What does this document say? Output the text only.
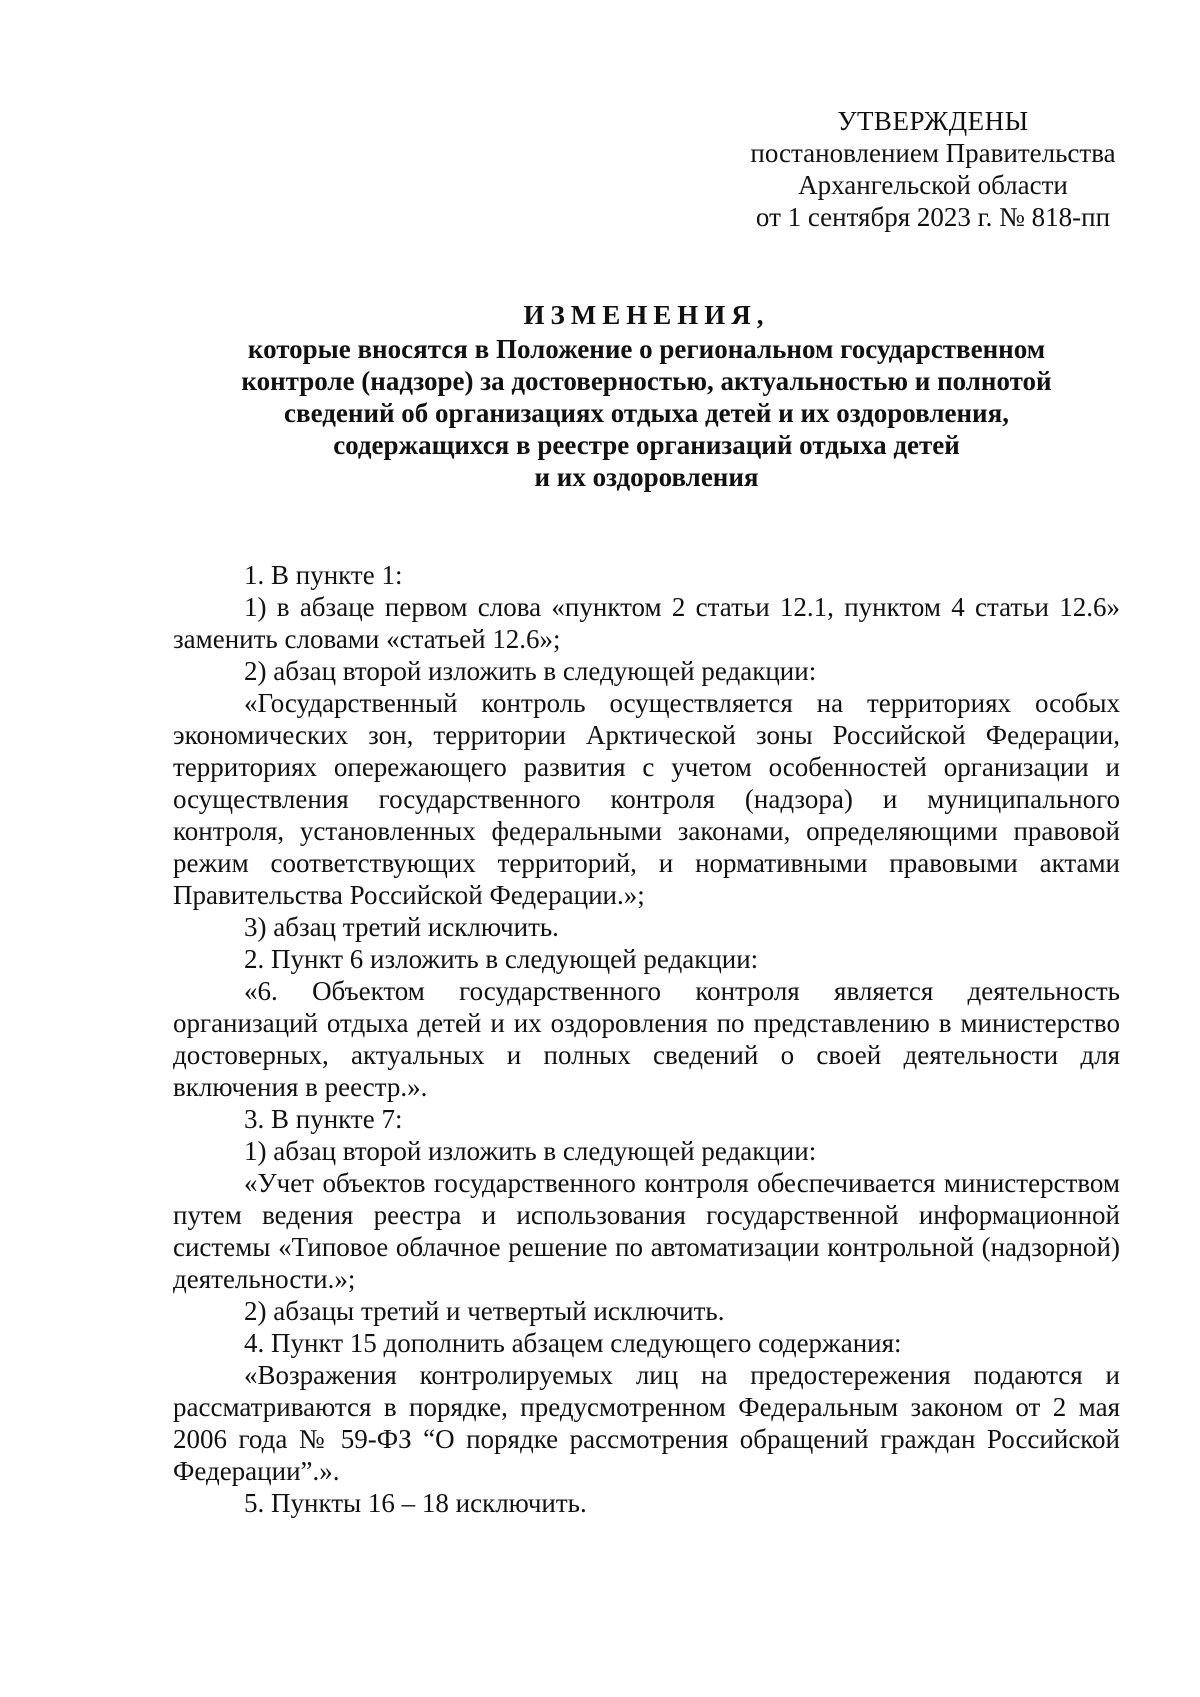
УТВЕРЖДЕНЫ
постановлением Правительства
Архангельской области
от 1 сентября 2023 г. № 818-пп
ИЗМЕНЕНИЯ,
которые вносятся в Положение о региональном государственном
контроле (надзоре) за достоверностью, актуальностью и полнотой
сведений об организациях отдыха детей и их оздоровления,
содержащихся в реестре организаций отдыха детей
и их оздоровления

1. В пункте 1:

1) в абзаце первом слова «пунктом 2 статьи 12.1, пунктом 4 статьи 12.6» заменить словами «статьей 12.6»;

2) абзац второй изложить в следующей редакции:

«Государственный контроль осуществляется на территориях особых экономических зон, территории Арктической зоны Российской Федерации, территориях опережающего развития с учетом особенностей организации и осуществления государственного контроля (надзора) и муниципального контроля, установленных федеральными законами, определяющими правовой режим соответствующих территорий, и нормативными правовыми актами Правительства Российской Федерации.»;

3) абзац третий исключить.

2. Пункт 6 изложить в следующей редакции:

«6. Объектом государственного контроля является деятельность организаций отдыха детей и их оздоровления по представлению в министерство достоверных, актуальных и полных сведений о своей деятельности для включения в реестр.».

3. В пункте 7:

1) абзац второй изложить в следующей редакции:

«Учет объектов государственного контроля обеспечивается министерством путем ведения реестра и использования государственной информационной системы «Типовое облачное решение по автоматизации контрольной (надзорной) деятельности.»;

2) абзацы третий и четвертый исключить.

4. Пункт 15 дополнить абзацем следующего содержания:

«Возражения контролируемых лиц на предостережения подаются и рассматриваются в порядке, предусмотренном Федеральным законом от 2 мая 2006 года № 59-ФЗ “О порядке рассмотрения обращений граждан Российской Федерации”.».

5. Пункты 16 – 18 исключить.
